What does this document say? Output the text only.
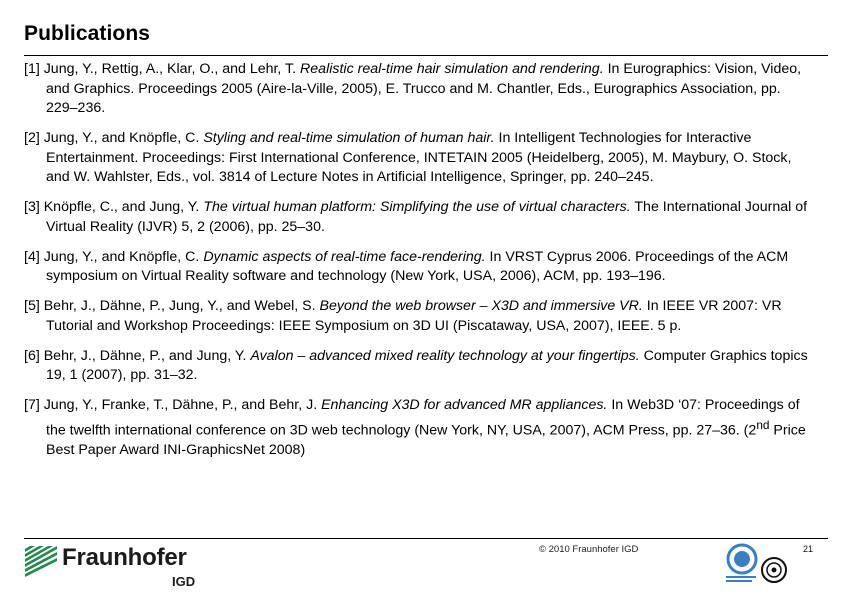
Publications
[1] Jung, Y., Rettig, A., Klar, O., and Lehr, T. Realistic real-time hair simulation and rendering. In Eurographics: Vision, Video, and Graphics. Proceedings 2005 (Aire-la-Ville, 2005), E. Trucco and M. Chantler, Eds., Eurographics Association, pp. 229–236.
[2] Jung, Y., and Knöpfle, C. Styling and real-time simulation of human hair. In Intelligent Technologies for Interactive Entertainment. Proceedings: First International Conference, INTETAIN 2005 (Heidelberg, 2005), M. Maybury, O. Stock, and W. Wahlster, Eds., vol. 3814 of Lecture Notes in Artificial Intelligence, Springer, pp. 240–245.
[3] Knöpfle, C., and Jung, Y. The virtual human platform: Simplifying the use of virtual characters. The International Journal of Virtual Reality (IJVR) 5, 2 (2006), pp. 25–30.
[4] Jung, Y., and Knöpfle, C. Dynamic aspects of real-time face-rendering. In VRST Cyprus 2006. Proceedings of the ACM symposium on Virtual Reality software and technology (New York, USA, 2006), ACM, pp. 193–196.
[5] Behr, J., Dähne, P., Jung, Y., and Webel, S. Beyond the web browser – X3D and immersive VR. In IEEE VR 2007: VR Tutorial and Workshop Proceedings: IEEE Symposium on 3D UI (Piscataway, USA, 2007), IEEE. 5 p.
[6] Behr, J., Dähne, P., and Jung, Y. Avalon – advanced mixed reality technology at your fingertips. Computer Graphics topics 19, 1 (2007), pp. 31–32.
[7] Jung, Y., Franke, T., Dähne, P., and Behr, J. Enhancing X3D for advanced MR appliances. In Web3D ‘07: Proceedings of the twelfth international conference on 3D web technology (New York, NY, USA, 2007), ACM Press, pp. 27–36. (2nd Price Best Paper Award INI-GraphicsNet 2008)
Fraunhofer
IGD
© 2010 Fraunhofer IGD	21
